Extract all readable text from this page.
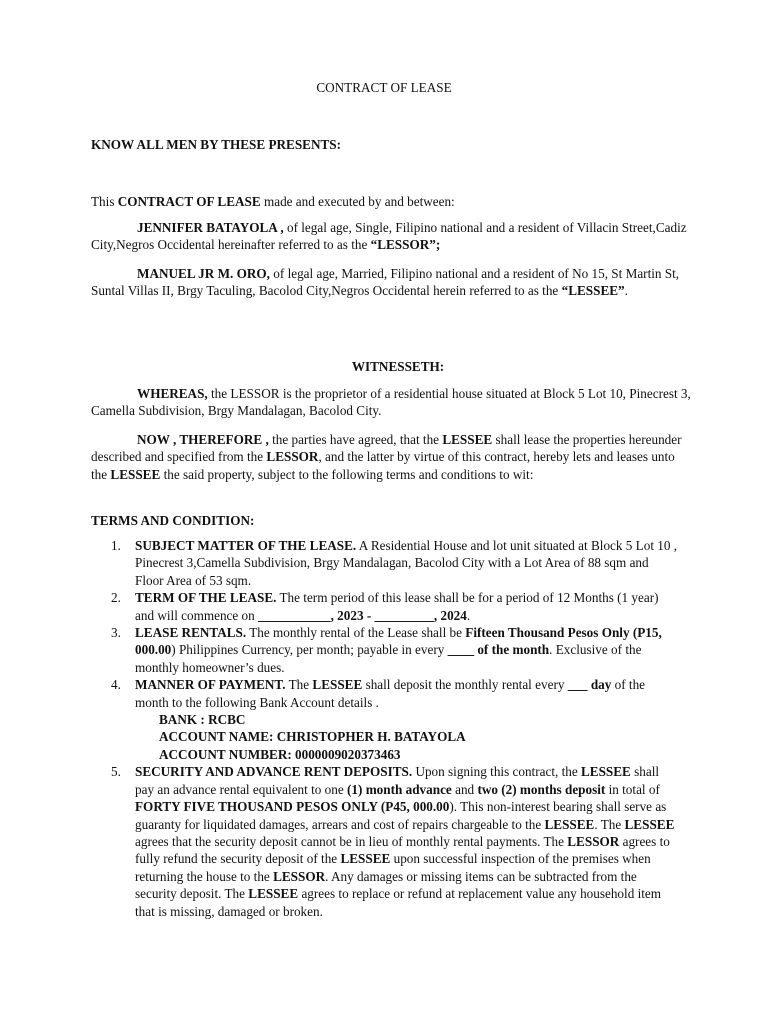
CONTRACT OF LEASE

KNOW ALL MEN BY THESE PRESENTS:

This CONTRACT OF LEASE made and executed by and between:

JENNIFER BATAYOLA , of legal age, Single, Filipino national and a resident of Villacin Street,Cadiz City,Negros Occidental hereinafter referred to as the “LESSOR”;

MANUEL JR M. ORO, of legal age, Married, Filipino national and a resident of No 15, St Martin St, Suntal Villas II, Brgy Taculing, Bacolod City,Negros Occidental herein referred to as the “LESSEE”.

WITNESSETH:

WHEREAS, the LESSOR is the proprietor of a residential house situated at Block 5 Lot 10, Pinecrest 3, Camella Subdivision, Brgy Mandalagan, Bacolod City.

NOW , THEREFORE , the parties have agreed, that the LESSEE shall lease the properties hereunder described and specified from the LESSOR, and the latter by virtue of this contract, hereby lets and leases unto the LESSEE the said property, subject to the following terms and conditions to wit:

TERMS AND CONDITION:

1. SUBJECT MATTER OF THE LEASE. A Residential House and lot unit situated at Block 5 Lot 10 , Pinecrest 3,Camella Subdivision, Brgy Mandalagan, Bacolod City with a Lot Area of 88 sqm and Floor Area of 53 sqm.
2. TERM OF THE LEASE. The term period of this lease shall be for a period of 12 Months (1 year) and will commence on ___________, 2023 - _________, 2024.
3. LEASE RENTALS. The monthly rental of the Lease shall be Fifteen Thousand Pesos Only (P15, 000.00) Philippines Currency, per month; payable in every ____ of the month. Exclusive of the monthly homeowner’s dues.
4. MANNER OF PAYMENT. The LESSEE shall deposit the monthly rental every ___ day of the month to the following Bank Account details .
BANK : RCBC
ACCOUNT NAME: CHRISTOPHER H. BATAYOLA
ACCOUNT NUMBER: 0000009020373463
5. SECURITY AND ADVANCE RENT DEPOSITS. Upon signing this contract, the LESSEE shall pay an advance rental equivalent to one (1) month advance and two (2) months deposit in total of FORTY FIVE THOUSAND PESOS ONLY (P45, 000.00). This non-interest bearing shall serve as guaranty for liquidated damages, arrears and cost of repairs chargeable to the LESSEE. The LESSEE agrees that the security deposit cannot be in lieu of monthly rental payments. The LESSOR agrees to fully refund the security deposit of the LESSEE upon successful inspection of the premises when returning the house to the LESSOR. Any damages or missing items can be subtracted from the security deposit. The LESSEE agrees to replace or refund at replacement value any household item that is missing, damaged or broken.
